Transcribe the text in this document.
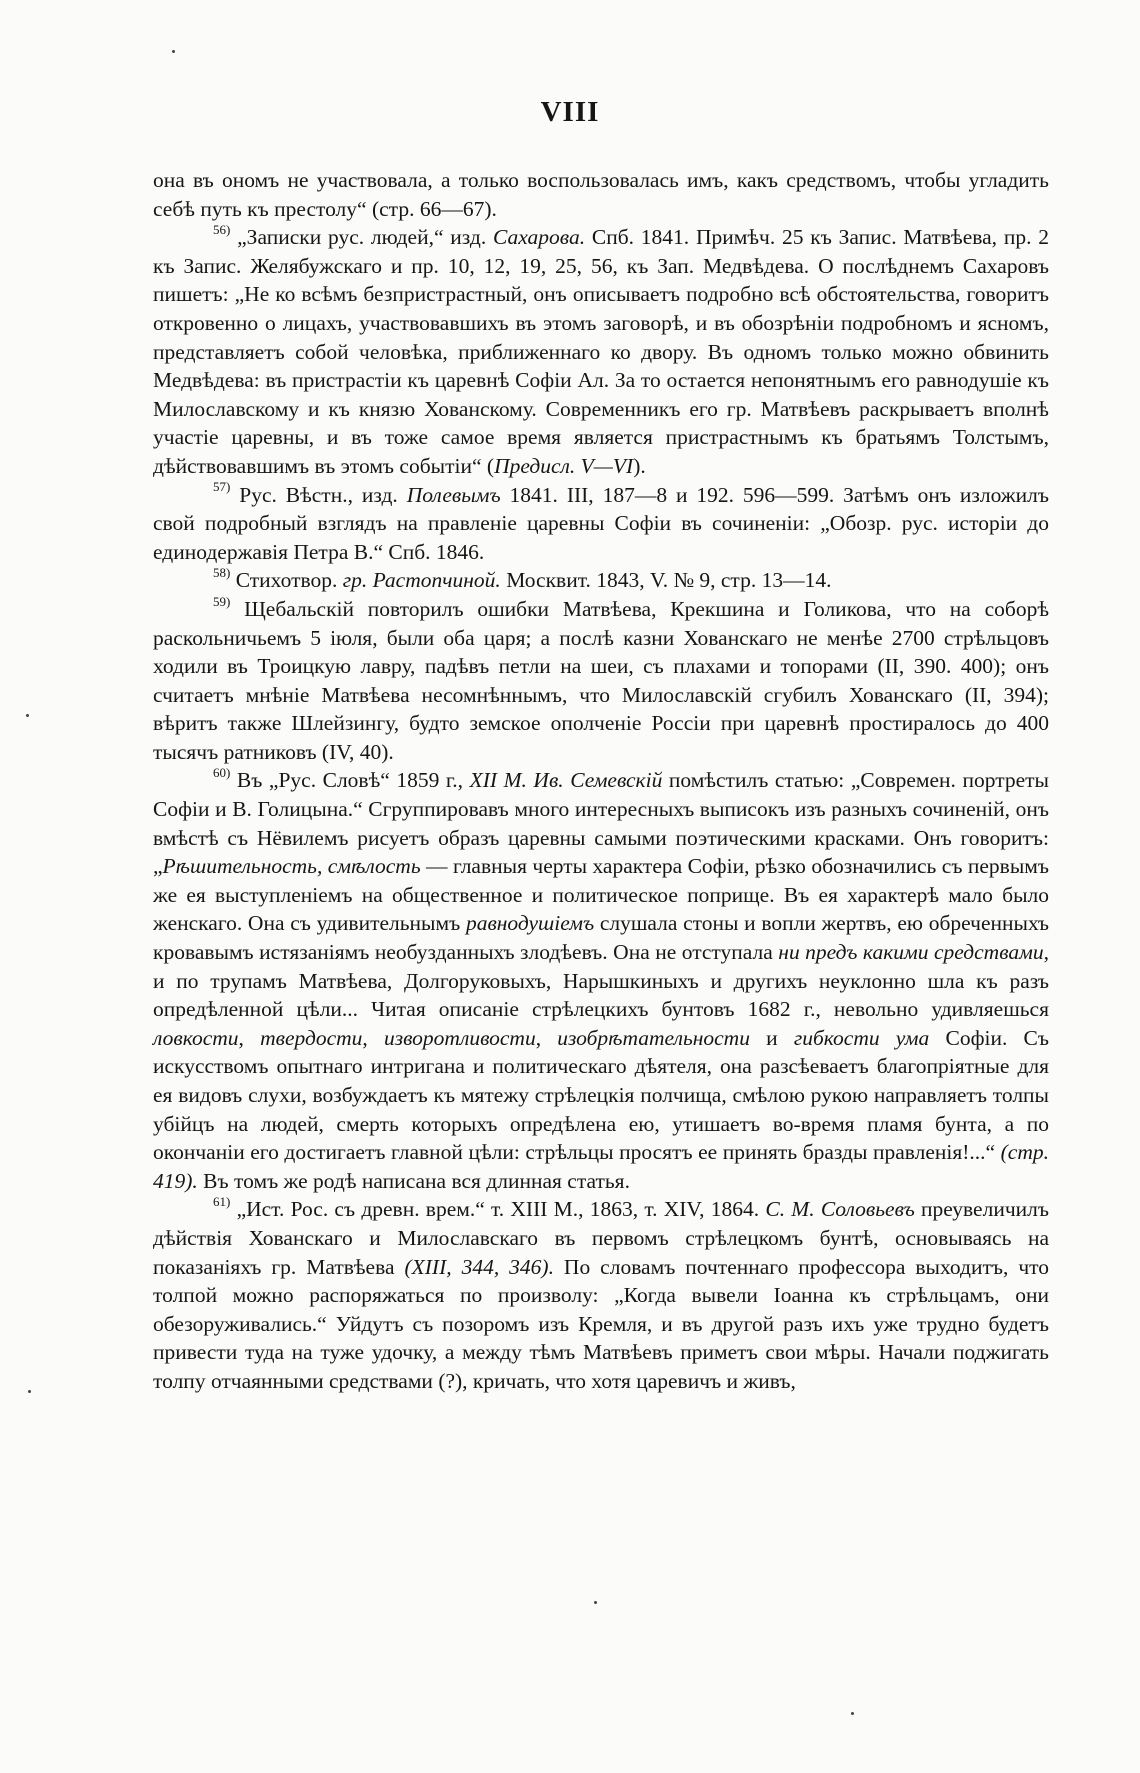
VIII

она въ ономъ не участвовала, а только воспользовалась имъ, какъ средствомъ, чтобы угладить себѣ путь къ престолу“ (стр. 66—67).

$^{56)}$ „Записки рус. людей,“ изд. Сахарова. Спб. 1841. Примѣч. 25 къ Запис. Матвѣева, пр. 2 къ Запис. Желябужскаго и пр. 10, 12, 19, 25, 56, къ Зап. Медвѣдева. О послѣднемъ Сахаровъ пишетъ: „Не ко всѣмъ безпристрастный, онъ описываетъ подробно всѣ обстоятельства, говоритъ откровенно о лицахъ, участвовавшихъ въ этомъ заговорѣ, и въ обозрѣніи подробномъ и ясномъ, представляетъ собой человѣка, приближеннаго ко двору. Въ одномъ только можно обвинить Медвѣдева: въ пристрастіи къ царевнѣ Софіи Ал. За то остается непонятнымъ его равнодушіе къ Милославскому и къ князю Хованскому. Современникъ его гр. Матвѣевъ раскрываетъ вполнѣ участіе царевны, и въ тоже самое время является пристрастнымъ къ братьямъ Толстымъ, дѣйствовавшимъ въ этомъ событіи“ (Предисл. V—VI).

$^{57)}$ Рус. Вѣстн., изд. Полевымъ 1841. III, 187—8 и 192. 596—599. Затѣмъ онъ изложилъ свой подробный взглядъ на правленіе царевны Софіи въ сочиненіи: „Обозр. рус. исторіи до единодержавія Петра В.“ Спб. 1846.

$^{58)}$ Стихотвор. гр. Растопчиной. Москвит. 1843, V. № 9, стр. 13—14.

$^{59)}$ Щебальскій повторилъ ошибки Матвѣева, Крекшина и Голикова, что на соборѣ раскольничьемъ 5 іюля, были оба царя; а послѣ казни Хованскаго не менѣе 2700 стрѣльцовъ ходили въ Троицкую лавру, падѣвъ петли на шеи, съ плахами и топорами (II, 390. 400); онъ считаетъ мнѣніе Матвѣева несомнѣннымъ, что Милославскій сгубилъ Хованскаго (II, 394); вѣритъ также Шлейзингу, будто земское ополченіе Россіи при царевнѣ простиралось до 400 тысячъ ратниковъ (IV, 40).

$^{60)}$ Въ „Рус. Словѣ“ 1859 г., XII М. Ив. Семевскій помѣстилъ статью: „Современ. портреты Софіи и В. Голицына.“ Сгруппировавъ много интересныхъ выписокъ изъ разныхъ сочиненій, онъ вмѣстѣ съ Нёвилемъ рисуетъ образъ царевны самыми поэтическими красками. Онъ говоритъ: „Рѣшительность, смѣлость — главныя черты характера Софіи, рѣзко обозначились съ первымъ же ея выступленіемъ на общественное и политическое поприще. Въ ея характерѣ мало было женскаго. Она съ удивительнымъ равнодушіемъ слушала стоны и вопли жертвъ, ею обреченныхъ кровавымъ истязаніямъ необузданныхъ злодѣевъ. Она не отступала ни предъ какими средствами, и по трупамъ Матвѣева, Долгоруковыхъ, Нарышкиныхъ и другихъ неуклонно шла къ разъ опредѣленной цѣли... Читая описаніе стрѣлецкихъ бунтовъ 1682 г., невольно удивляешься ловкости, твердости, изворотливости, изобрѣтательности и гибкости ума Софіи. Съ искусствомъ опытнаго интригана и политическаго дѣятеля, она разсѣеваетъ благопріятные для ея видовъ слухи, возбуждаетъ къ мятежу стрѣлецкія полчища, смѣлою рукою направляетъ толпы убійцъ на людей, смерть которыхъ опредѣлена ею, утишаетъ во-время пламя бунта, а по окончаніи его достигаетъ главной цѣли: стрѣльцы просятъ ее принять бразды правленія!...“ (стр. 419). Въ томъ же родѣ написана вся длинная статья.

$^{61)}$ „Ист. Рос. съ древн. врем.“ т. XIII М., 1863, т. XIV, 1864. С. М. Соловьевъ преувеличилъ дѣйствія Хованскаго и Милославскаго въ первомъ стрѣлецкомъ бунтѣ, основываясь на показаніяхъ гр. Матвѣева (XIII, 344, 346). По словамъ почтеннаго профессора выходитъ, что толпой можно распоряжаться по произволу: „Когда вывели Іоанна къ стрѣльцамъ, они обезоруживались.“ Уйдутъ съ позоромъ изъ Кремля, и въ другой разъ ихъ уже трудно будетъ привести туда на туже удочку, а между тѣмъ Матвѣевъ приметъ свои мѣры. Начали поджигать толпу отчаянными средствами (?), кричать, что хотя царевичъ и живъ,
